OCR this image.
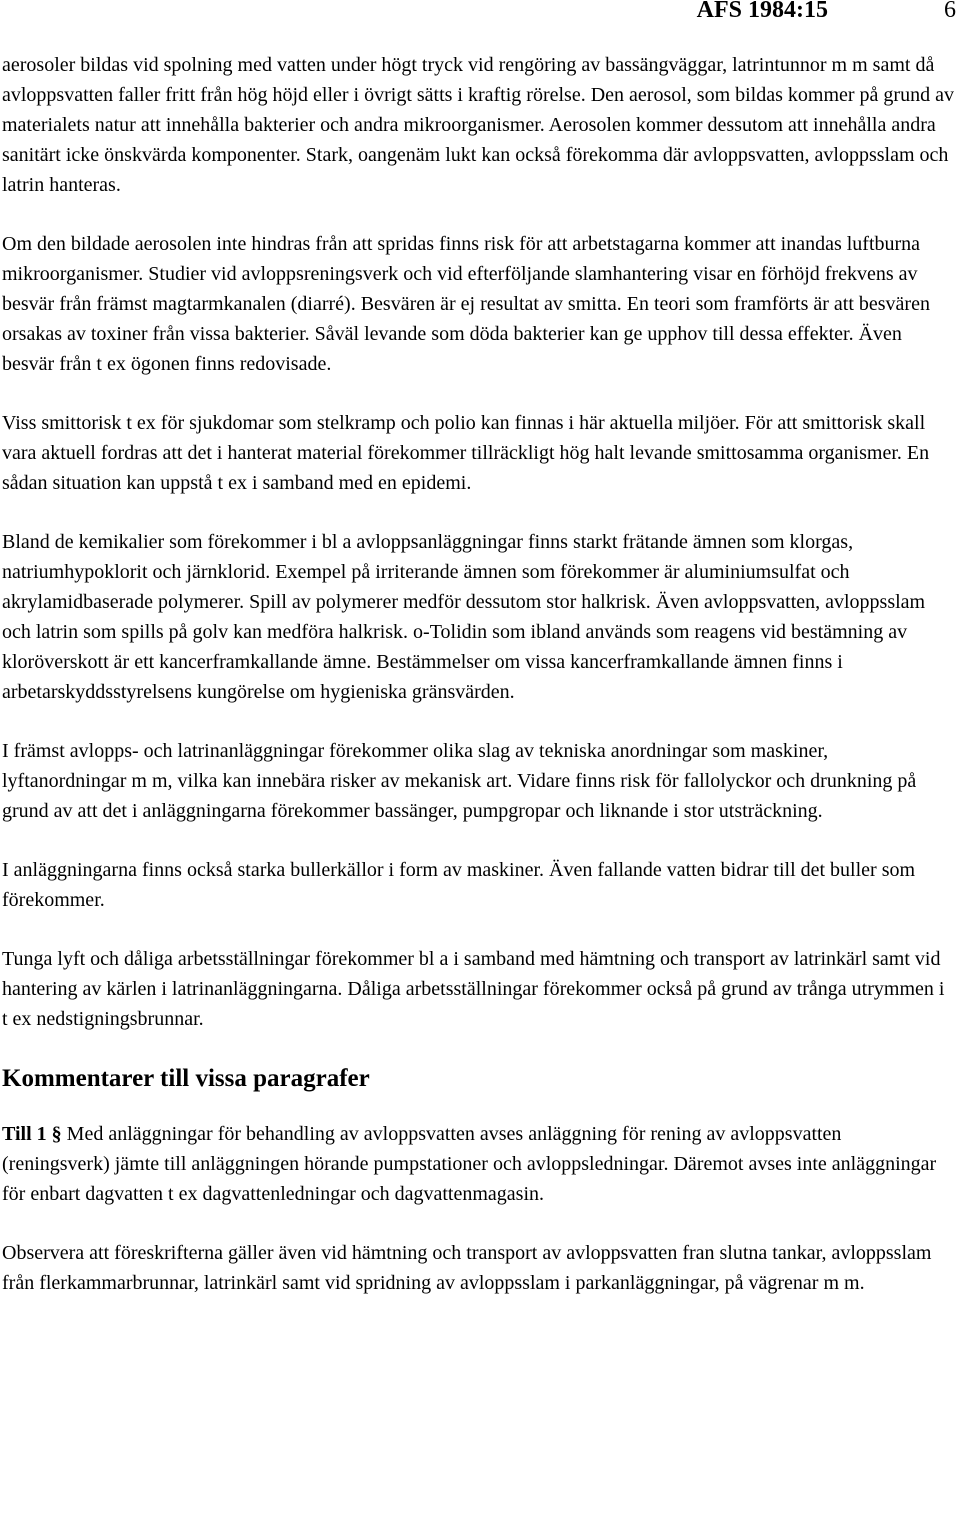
AFS 1984:15	6

aerosoler bildas vid spolning med vatten under högt tryck vid rengöring av bassängväggar, latrintunnor m m samt då avloppsvatten faller fritt från hög höjd eller i övrigt sätts i kraftig rörelse. Den aerosol, som bildas kommer på grund av materialets natur att innehålla bakterier och andra mikroorganismer. Aerosolen kommer dessutom att innehålla andra sanitärt icke önskvärda komponenter. Stark, oangenäm lukt kan också förekomma där avloppsvatten, avloppsslam och latrin hanteras.

Om den bildade aerosolen inte hindras från att spridas finns risk för att arbetstagarna kommer att inandas luftburna mikroorganismer. Studier vid avloppsreningsverk och vid efterföljande slamhantering visar en förhöjd frekvens av besvär från främst magtarmkanalen (diarré). Besvären är ej resultat av smitta. En teori som framförts är att besvären orsakas av toxiner från vissa bakterier. Såväl levande som döda bakterier kan ge upphov till dessa effekter. Även besvär från t ex ögonen finns redovisade.

Viss smittorisk t ex för sjukdomar som stelkramp och polio kan finnas i här aktuella miljöer. För att smittorisk skall vara aktuell fordras att det i hanterat material förekommer tillräckligt hög halt levande smittosamma organismer. En sådan situation kan uppstå t ex i samband med en epidemi.

Bland de kemikalier som förekommer i bl a avloppsanläggningar finns starkt frätande ämnen som klorgas, natriumhypoklorit och järnklorid. Exempel på irriterande ämnen som förekommer är aluminiumsulfat och akrylamidbaserade polymerer. Spill av polymerer medför dessutom stor halkrisk. Även avloppsvatten, avloppsslam och latrin som spills på golv kan medföra halkrisk. o-Tolidin som ibland används som reagens vid bestämning av kloröverskott är ett kancerframkallande ämne. Bestämmelser om vissa kancerframkallande ämnen finns i arbetarskyddsstyrelsens kungörelse om hygieniska gränsvärden.

I främst avlopps- och latrinanläggningar förekommer olika slag av tekniska anordningar som maskiner, lyftanordningar m m, vilka kan innebära risker av mekanisk art. Vidare finns risk för fallolyckor och drunkning på grund av att det i anläggningarna förekommer bassänger, pumpgropar och liknande i stor utsträckning.

I anläggningarna finns också starka bullerkällor i form av maskiner. Även fallande vatten bidrar till det buller som förekommer.

Tunga lyft och dåliga arbetsställningar förekommer bl a i samband med hämtning och transport av latrinkärl samt vid hantering av kärlen i latrinanläggningarna. Dåliga arbetsställningar förekommer också på grund av trånga utrymmen i t ex nedstigningsbrunnar.

Kommentarer till vissa paragrafer

Till 1 § Med anläggningar för behandling av avloppsvatten avses anläggning för rening av avloppsvatten (reningsverk) jämte till anläggningen hörande pumpstationer och avloppsledningar. Däremot avses inte anläggningar för enbart dagvatten t ex dagvattenledningar och dagvattenmagasin.

Observera att föreskrifterna gäller även vid hämtning och transport av avloppsvatten fran slutna tankar, avloppsslam från flerkammarbrunnar, latrinkärl samt vid spridning av avloppsslam i parkanläggningar, på vägrenar m m.
